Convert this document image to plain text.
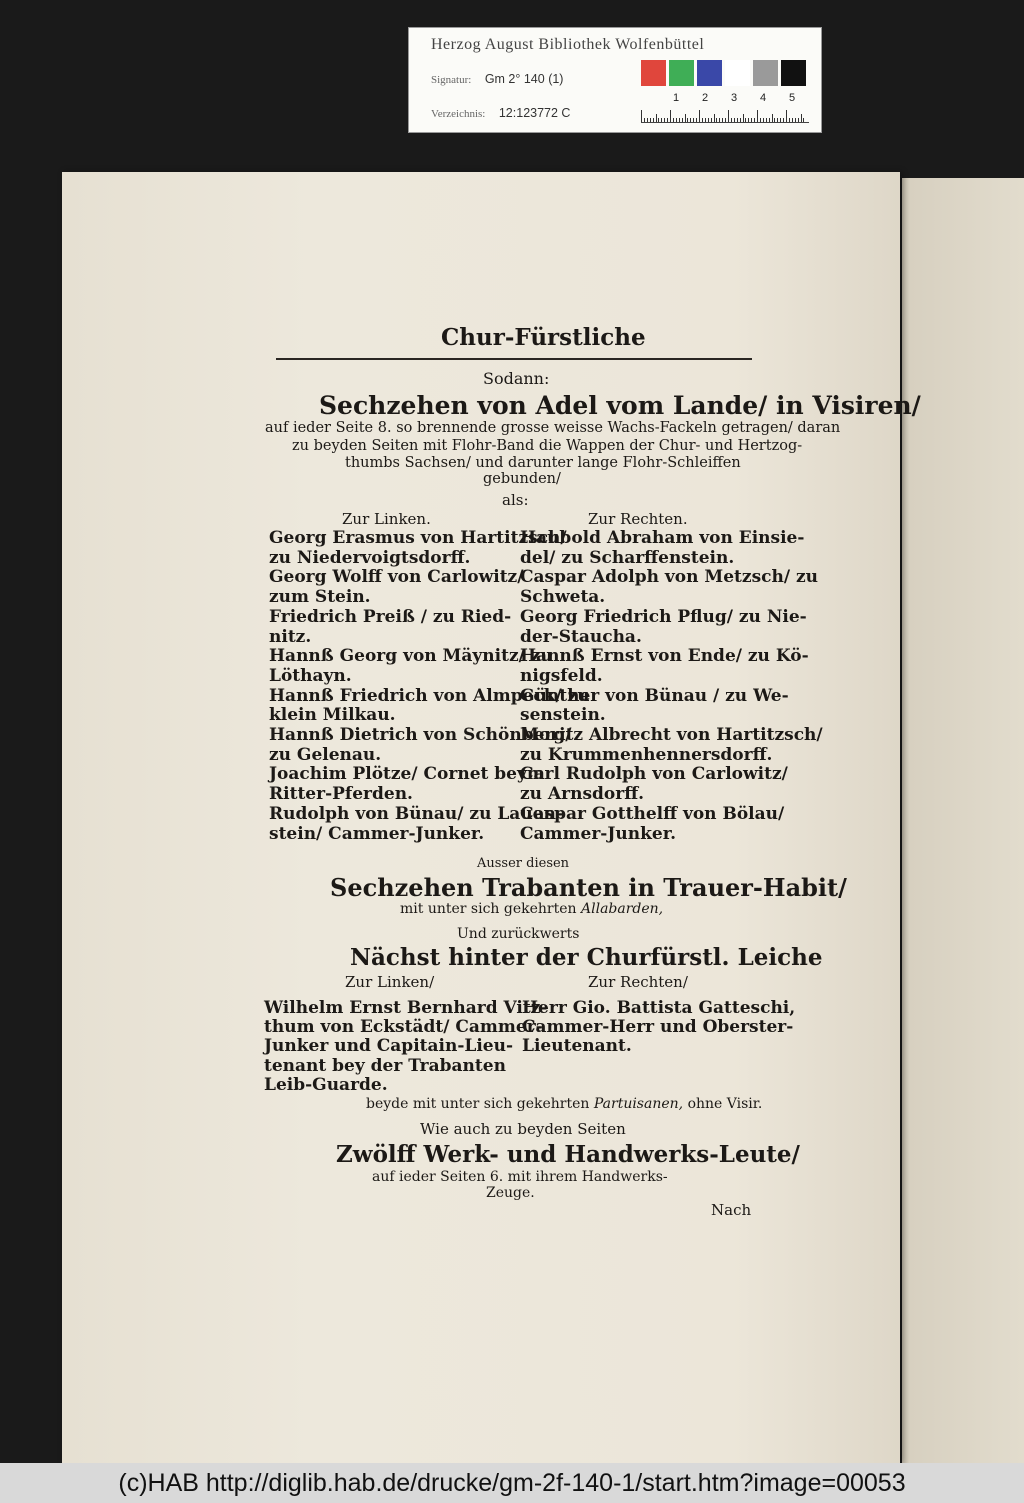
Herzog August Bibliothek Wolfenbüttel
Signatur: Gm 2° 140 (1)
Verzeichnis: 12:123772 C
1 2 3 4 5
Chur-Fürstliche
Sodann:
Sechzehen von Adel vom Lande/ in Visiren/
auf ieder Seite 8. so brennende grosse weisse Wachs-Fackeln getragen/ daran
zu beyden Seiten mit Flohr-Band die Wappen der Chur- und Hertzog-
thumbs Sachsen/ und darunter lange Flohr-Schleiffen
gebunden/
als:
Zur Linken.	Zur Rechten.
Georg Erasmus von Hartitzsch/
zu Niedervoigtsdorff.
Georg Wolff von Carlowitz/
zum Stein.
Friedrich Preiß / zu Ried-
nitz.
Hannß Georg von Mäynitz/ zu
Löthayn.
Hannß Friedrich von Almpeck/ zu
klein Milkau.
Hannß Dietrich von Schönberg/
zu Gelenau.
Joachim Plötze/ Cornet beym
Ritter-Pferden.
Rudolph von Bünau/ zu Lauen-
stein/ Cammer-Junker.
Haubold Abraham von Einsie-
del/ zu Scharffenstein.
Caspar Adolph von Metzsch/ zu
Schweta.
Georg Friedrich Pflug/ zu Nie-
der-Staucha.
Hannß Ernst von Ende/ zu Kö-
nigsfeld.
Günther von Bünau / zu We-
senstein.
Moritz Albrecht von Hartitzsch/
zu Krummenhennersdorff.
Carl Rudolph von Carlowitz/
zu Arnsdorff.
Caspar Gotthelff von Bölau/
Cammer-Junker.
Ausser diesen
Sechzehen Trabanten in Trauer-Habit/
mit unter sich gekehrten Allabarden,
Und zurückwerts
Nächst hinter der Churfürstl. Leiche
Zur Linken/	Zur Rechten/
Wilhelm Ernst Bernhard Vitz-
thum von Eckstädt/ Cammer-
Junker und Capitain-Lieu-
tenant bey der Trabanten
Leib-Guarde.
Herr Gio. Battista Gatteschi,
Cammer-Herr und Oberster-
Lieutenant.
beyde mit unter sich gekehrten Partuisanen, ohne Visir.
Wie auch zu beyden Seiten
Zwölff Werk- und Handwerks-Leute/
auf ieder Seiten 6. mit ihrem Handwerks-
Zeuge.
Nach
(c)HAB http://diglib.hab.de/drucke/gm-2f-140-1/start.htm?image=00053
